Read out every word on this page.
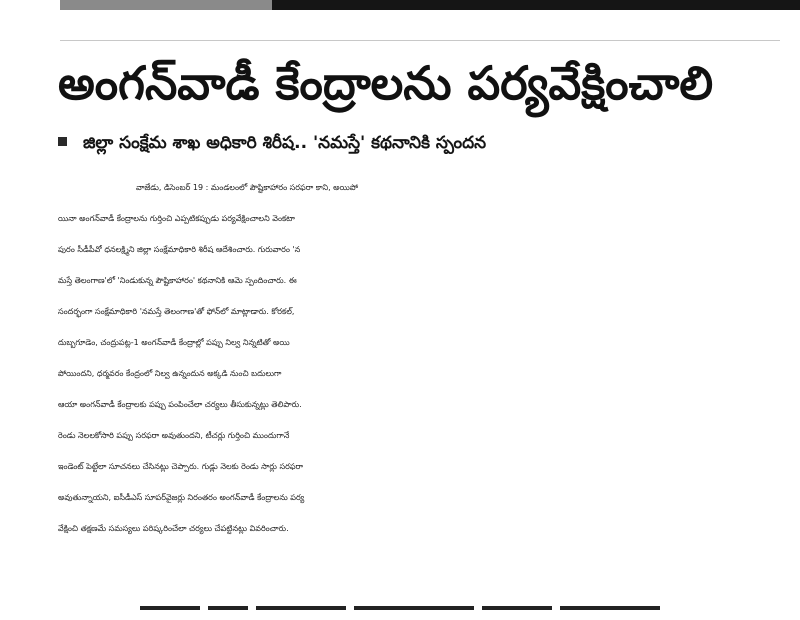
అంగన్‌వాడీ కేంద్రాలను పర్యవేక్షించాలి
జిల్లా సంక్షేమ శాఖ అధికారి శిరీష.. 'నమస్తే' కథనానికి స్పందన
వాజేడు, డిసెంబర్ 19 : మండలంలో పౌష్టికాహారం సరఫరా కాని, అయిపో
యినా అంగన్‌వాడీ కేంద్రాలను గుర్తించి ఎప్పటికప్పుడు పర్యవేక్షించాలని వెంకటా
పురం సీడీపీవో ధనలక్ష్మిని జిల్లా సంక్షేమాధికారి శిరీష ఆదేశించారు. గురువారం 'న
మస్తే తెలంగాణ'లో 'నిండుకున్న పౌష్టికాహారం' కథనానికి ఆమె స్పందించారు. ఈ
సందర్భంగా సంక్షేమాధికారి 'నమస్తే తెలంగాణ'తో ఫోన్‌లో మాట్లాడారు. కోరకల్,
దుబ్బగూడెం, చంద్రుపట్ల-1 అంగన్‌వాడీ కేంద్రాల్లో పప్పు నిల్వ నిన్నటితో అయి
పోయిందని, ధర్మవరం కేంద్రంలో నిల్వ ఉన్నందున అక్కడి నుంచి బదులుగా
ఆయా అంగన్‌వాడీ కేంద్రాలకు పప్పు పంపించేలా చర్యలు తీసుకున్నట్లు తెలిపారు.
రెండు నెలలకోసారి పప్పు సరఫరా అవుతుందని, టీచర్లు గుర్తించి ముందుగానే
ఇండెంట్ పెట్టేలా సూచనలు చేసినట్లు చెప్పారు. గుడ్లు నెలకు రెండు సార్లు సరఫరా
అవుతున్నాయని, ఐసీడీఎస్ సూపర్‌వైజర్లు నిరంతరం అంగన్‌వాడీ కేంద్రాలను పర్య
వేక్షించి తక్షణమే సమస్యలు పరిష్కరించేలా చర్యలు చేపట్టినట్లు వివరించారు.
